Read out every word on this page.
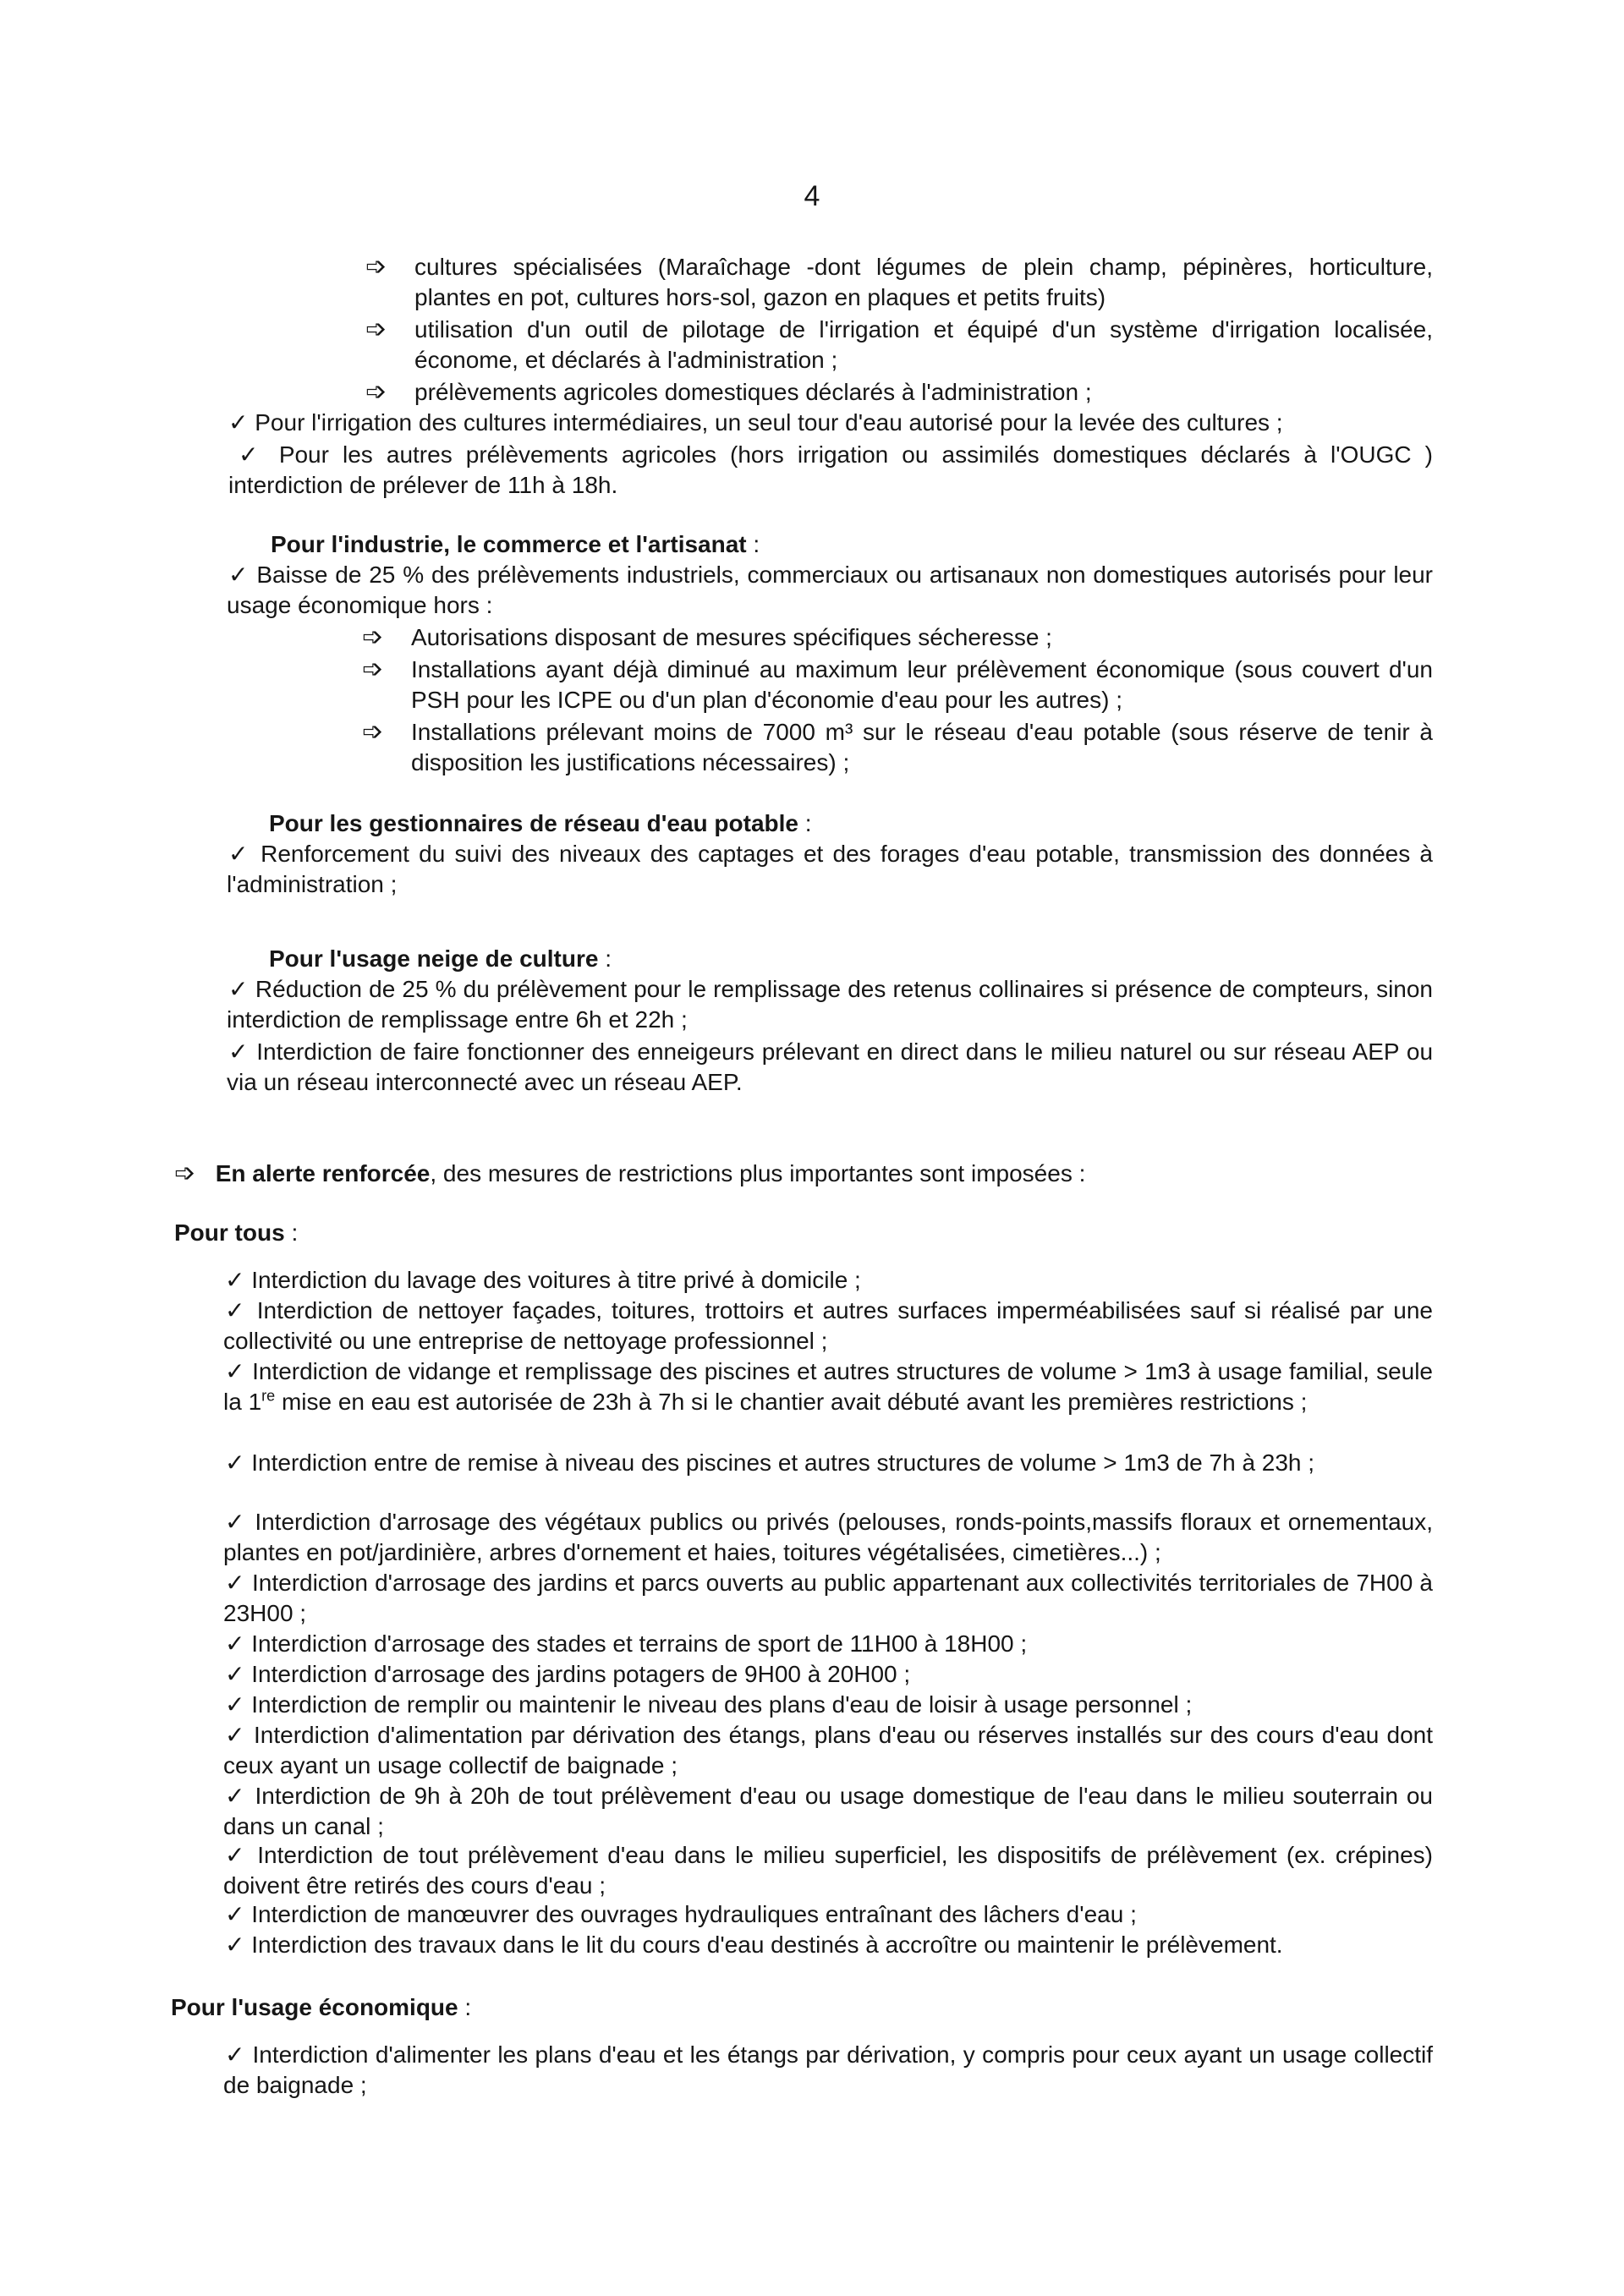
4
➩	cultures spécialisées (Maraîchage -dont légumes de plein champ, pépinères, horticulture, plantes en pot, cultures hors-sol, gazon en plaques et petits fruits)
➩	utilisation d'un outil de pilotage de l'irrigation et équipé d'un système d'irrigation localisée, économe, et déclarés à l'administration ;
➩	prélèvements agricoles domestiques déclarés à l'administration ;
✓ Pour l'irrigation des cultures intermédiaires, un seul tour d'eau autorisé pour la levée des cultures ;
✓ Pour les autres prélèvements agricoles (hors irrigation ou assimilés domestiques déclarés à l'OUGC ) interdiction de prélever de 11h à 18h.
Pour l'industrie, le commerce et l'artisanat :
✓ Baisse de 25 % des prélèvements industriels, commerciaux ou artisanaux non domestiques autorisés pour leur usage économique hors :
➩	Autorisations disposant de mesures spécifiques sécheresse ;
➩	Installations ayant déjà diminué au maximum leur prélèvement économique (sous couvert d'un PSH pour les ICPE ou d'un plan d'économie d'eau pour les autres) ;
➩	Installations prélevant moins de 7000 m³ sur le réseau d'eau potable (sous réserve de tenir à disposition les justifications nécessaires) ;
Pour les gestionnaires de réseau d'eau potable :
✓ Renforcement du suivi des niveaux des captages et des forages d'eau potable, transmission des données à l'administration ;
Pour l'usage neige de culture :
✓ Réduction de 25 % du prélèvement pour le remplissage des retenus collinaires si présence de compteurs, sinon interdiction de remplissage entre 6h et 22h ;
✓ Interdiction de faire fonctionner des enneigeurs prélevant en direct dans le milieu naturel ou sur réseau AEP ou via un réseau interconnecté avec un réseau AEP.
➩ En alerte renforcée, des mesures de restrictions plus importantes sont imposées :
Pour tous :
✓ Interdiction du lavage des voitures à titre privé à domicile ;
✓ Interdiction de nettoyer façades, toitures, trottoirs et autres surfaces imperméabilisées sauf si réalisé par une collectivité ou une entreprise de nettoyage professionnel ;
✓ Interdiction de vidange et remplissage des piscines et autres structures de volume > 1m3 à usage familial, seule la 1re mise en eau est autorisée de 23h à 7h si le chantier avait débuté avant les premières restrictions ;
✓ Interdiction entre de remise à niveau des piscines et autres structures de volume > 1m3 de 7h à 23h ;
✓ Interdiction d'arrosage des végétaux publics ou privés (pelouses, ronds-points,massifs floraux et ornementaux, plantes en pot/jardinière, arbres d'ornement et haies, toitures végétalisées, cimetières...) ;
✓ Interdiction d'arrosage des jardins et parcs ouverts au public appartenant aux collectivités territoriales de 7H00 à 23H00 ;
✓ Interdiction d'arrosage des stades et terrains de sport de 11H00 à 18H00 ;
✓ Interdiction d'arrosage des jardins potagers de 9H00 à 20H00 ;
✓ Interdiction de remplir ou maintenir le niveau des plans d'eau de loisir à usage personnel ;
✓ Interdiction d'alimentation par dérivation des étangs, plans d'eau ou réserves installés sur des cours d'eau dont ceux ayant un usage collectif de baignade ;
✓ Interdiction de 9h à 20h de tout prélèvement d'eau ou usage domestique de l'eau dans le milieu souterrain ou dans un canal ;
✓ Interdiction de tout prélèvement d'eau dans le milieu superficiel, les dispositifs de prélèvement (ex. crépines) doivent être retirés des cours d'eau ;
✓ Interdiction de manœuvrer des ouvrages hydrauliques entraînant des lâchers d'eau ;
✓ Interdiction des travaux dans le lit du cours d'eau destinés à accroître ou maintenir le prélèvement.
Pour l'usage économique :
✓ Interdiction d'alimenter les plans d'eau et les étangs par dérivation, y compris pour ceux ayant un usage collectif de baignade ;
